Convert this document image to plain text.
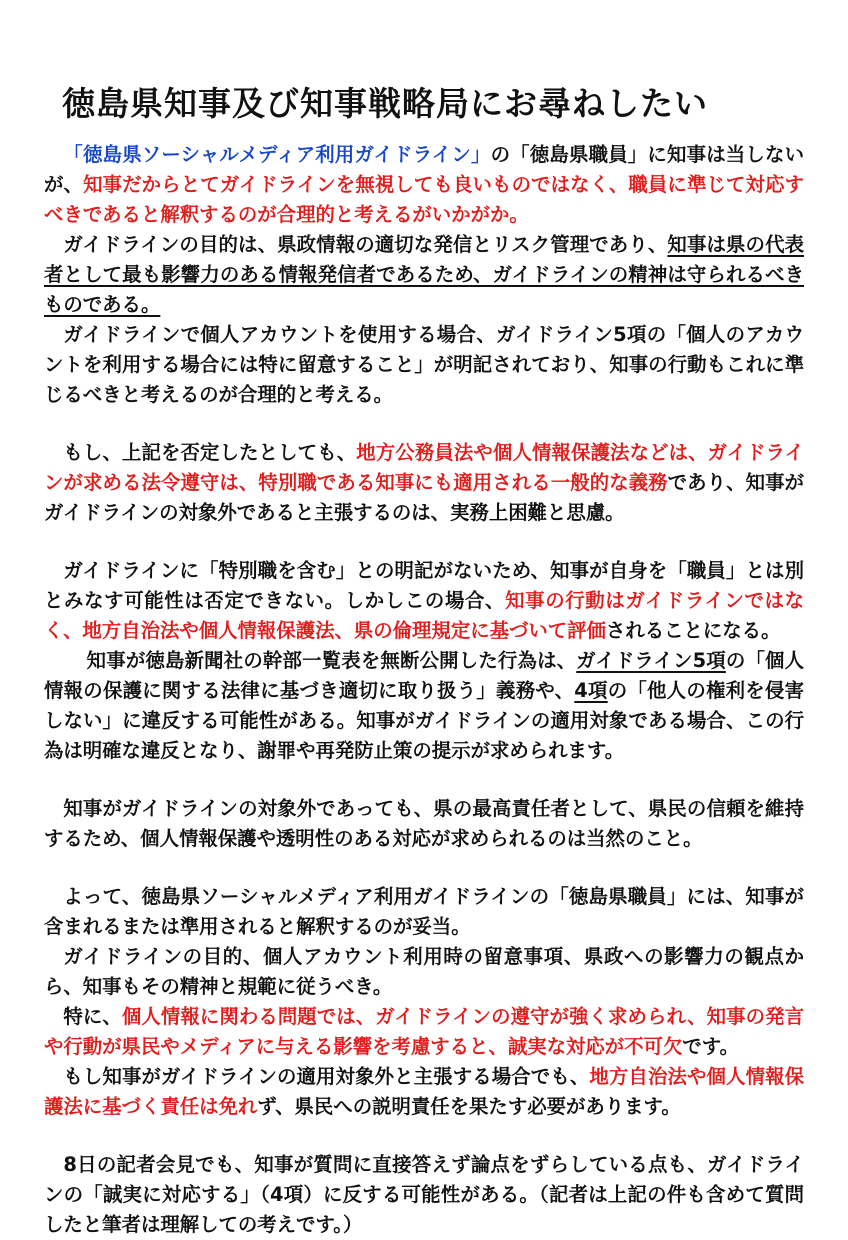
徳島県知事及び知事戦略局にお尋ねしたい

「徳島県ソーシャルメディア利用ガイドライン」の「徳島県職員」に知事は当しないが、知事だからとてガイドラインを無視しても良いものではなく、職員に準じて対応すべきであると解釈するのが合理的と考えるがいかがか。

ガイドラインの目的は、県政情報の適切な発信とリスク管理であり、知事は県の代表者として最も影響力のある情報発信者であるため、ガイドラインの精神は守られるべきものである。

ガイドラインで個人アカウントを使用する場合、ガイドライン5項の「個人のアカウントを利用する場合には特に留意すること」が明記されており、知事の行動もこれに準じるべきと考えるのが合理的と考える。

もし、上記を否定したとしても、地方公務員法や個人情報保護法などは、ガイドラインが求める法令遵守は、特別職である知事にも適用される一般的な義務であり、知事がガイドラインの対象外であると主張するのは、実務上困難と思慮。

ガイドラインに「特別職を含む」との明記がないため、知事が自身を「職員」とは別とみなす可能性は否定できない。しかしこの場合、知事の行動はガイドラインではなく、地方自治法や個人情報保護法、県の倫理規定に基づいて評価されることになる。

知事が徳島新聞社の幹部一覧表を無断公開した行為は、ガイドライン5項の「個人情報の保護に関する法律に基づき適切に取り扱う」義務や、4項の「他人の権利を侵害しない」に違反する可能性がある。知事がガイドラインの適用対象である場合、この行為は明確な違反となり、謝罪や再発防止策の提示が求められます。

知事がガイドラインの対象外であっても、県の最高責任者として、県民の信頼を維持するため、個人情報保護や透明性のある対応が求められるのは当然のこと。

よって、徳島県ソーシャルメディア利用ガイドラインの「徳島県職員」には、知事が含まれるまたは準用されると解釈するのが妥当。

ガイドラインの目的、個人アカウント利用時の留意事項、県政への影響力の観点から、知事もその精神と規範に従うべき。

特に、個人情報に関わる問題では、ガイドラインの遵守が強く求められ、知事の発言や行動が県民やメディアに与える影響を考慮すると、誠実な対応が不可欠です。

もし知事がガイドラインの適用対象外と主張する場合でも、地方自治法や個人情報保護法に基づく責任は免れず、県民への説明責任を果たす必要があります。

8日の記者会見でも、知事が質問に直接答えず論点をずらしている点も、ガイドラインの「誠実に対応する」（4項）に反する可能性がある。（記者は上記の件も含めて質問したと筆者は理解しての考えです。）
